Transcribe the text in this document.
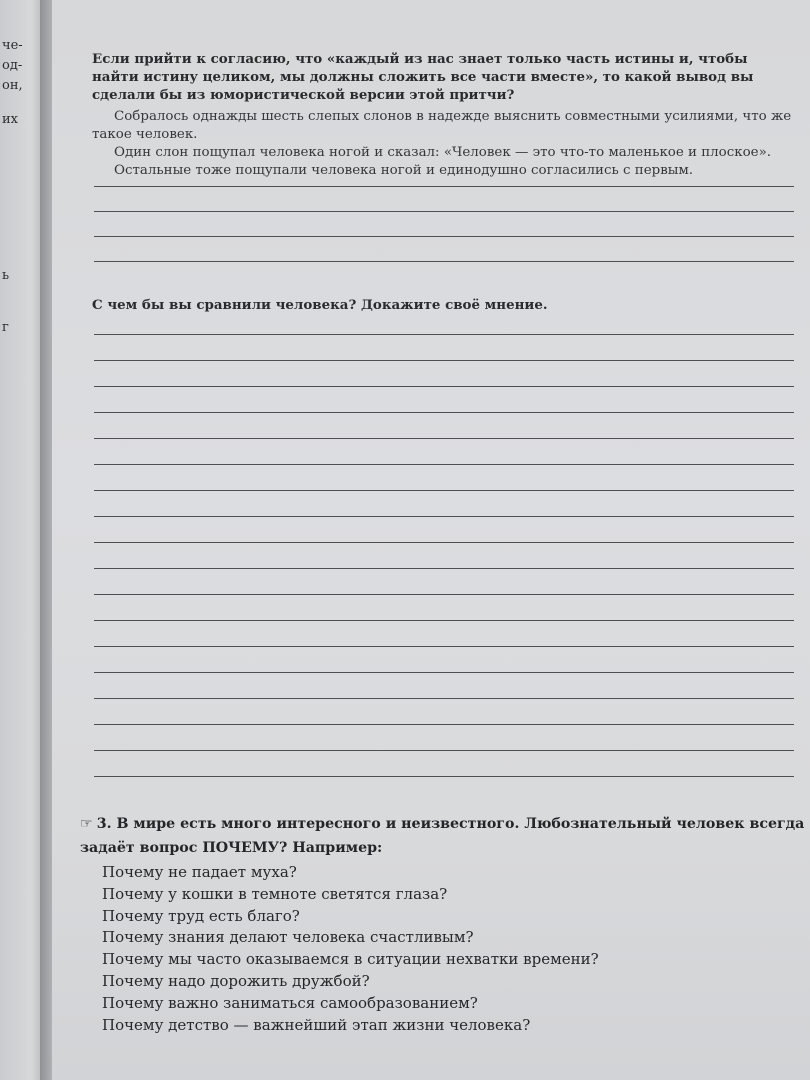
че-
од-
он,
их
ь
г

Если прийти к согласию, что «каждый из нас знает только часть истины и, чтобы найти истину целиком, мы должны сложить все части вместе», то какой вывод вы сделали бы из юмористической версии этой притчи?

Собралось однажды шесть слепых слонов в надежде выяснить совместными усилиями, что же такое человек.

Один слон пощупал человека ногой и сказал: «Человек — это что-то маленькое и плоское».

Остальные тоже пощупали человека ногой и единодушно согласились с первым.

С чем бы вы сравнили человека? Докажите своё мнение.

☞ 3. В мире есть много интересного и неизвестного. Любознательный человек всегда задаёт вопрос ПОЧЕМУ? Например:

Почему не падает муха?
Почему у кошки в темноте светятся глаза?
Почему труд есть благо?
Почему знания делают человека счастливым?
Почему мы часто оказываемся в ситуации нехватки времени?
Почему надо дорожить дружбой?
Почему важно заниматься самообразованием?
Почему детство — важнейший этап жизни человека?
